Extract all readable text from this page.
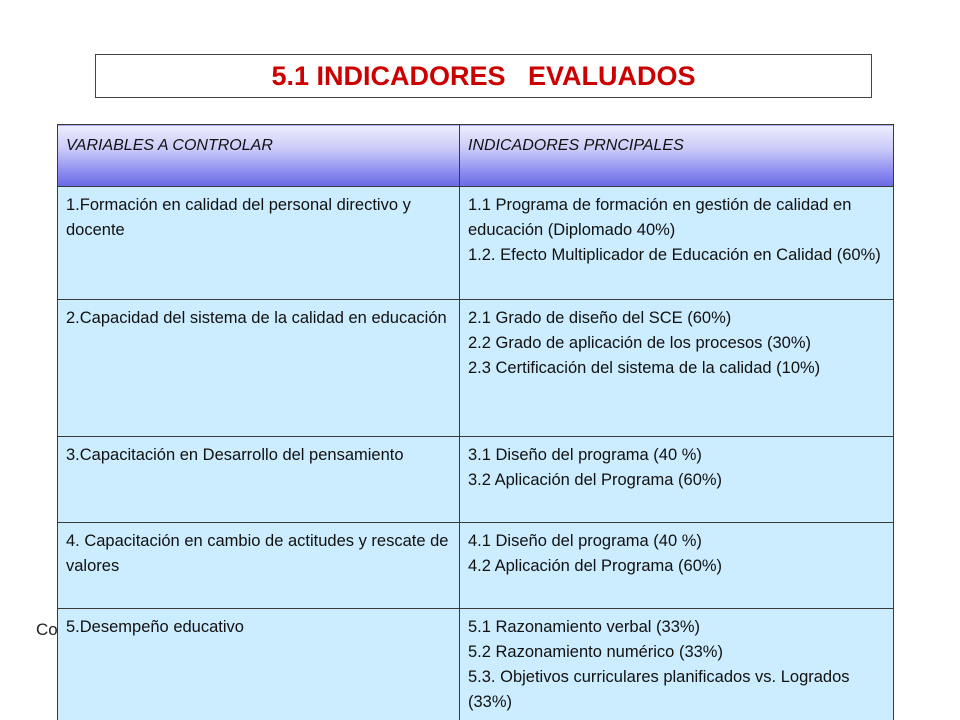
5.1 INDICADORES   EVALUADOS
Co
VARIABLES A CONTROLAR	INDICADORES PRNCIPALES

1.Formación en calidad del personal directivo y docente	1.1 Programa de formación en gestión de calidad en educación (Diplomado 40%)
1.2. Efecto Multiplicador de Educación en Calidad (60%)

2.Capacidad del sistema de la calidad en educación	2.1 Grado de diseño del SCE (60%)
2.2 Grado de aplicación de los procesos (30%)
2.3 Certificación del sistema de la calidad (10%)

3.Capacitación en Desarrollo del pensamiento	3.1 Diseño del programa (40 %)
3.2 Aplicación del Programa (60%)

4. Capacitación en cambio de actitudes y rescate de valores	4.1 Diseño del programa (40 %)
4.2 Aplicación del Programa (60%)

5.Desempeño educativo	5.1 Razonamiento verbal (33%)
5.2 Razonamiento numérico (33%)
5.3. Objetivos curriculares planificados vs. Logrados (33%)
